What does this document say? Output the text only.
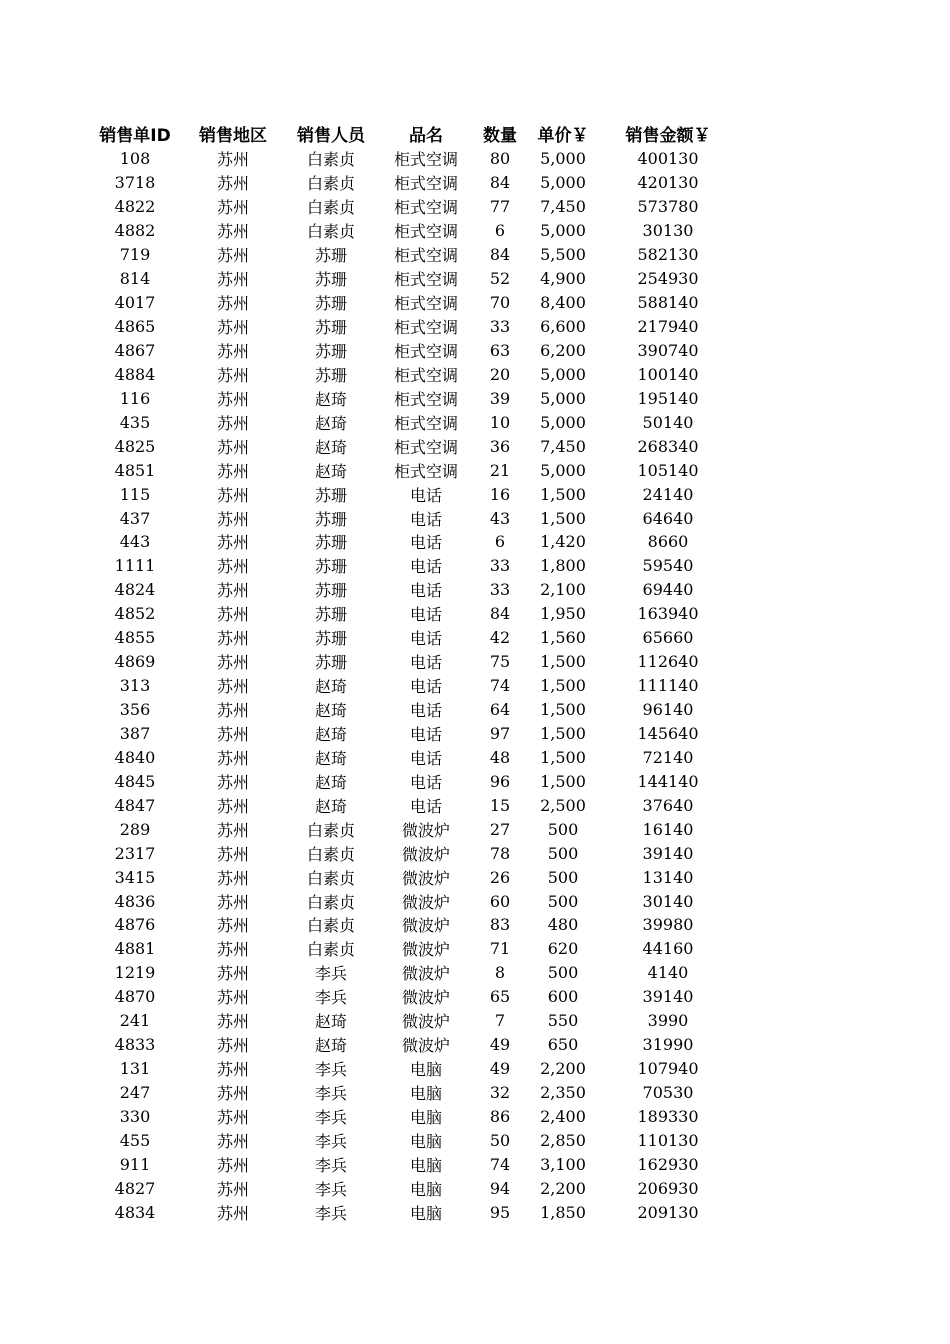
销售单ID	销售地区	销售人员	品名	数量	单价￥	销售金额￥
108	苏州	白素贞	柜式空调	80	5,000	400130
3718	苏州	白素贞	柜式空调	84	5,000	420130
4822	苏州	白素贞	柜式空调	77	7,450	573780
4882	苏州	白素贞	柜式空调	6	5,000	30130
719	苏州	苏珊	柜式空调	84	5,500	582130
814	苏州	苏珊	柜式空调	52	4,900	254930
4017	苏州	苏珊	柜式空调	70	8,400	588140
4865	苏州	苏珊	柜式空调	33	6,600	217940
4867	苏州	苏珊	柜式空调	63	6,200	390740
4884	苏州	苏珊	柜式空调	20	5,000	100140
116	苏州	赵琦	柜式空调	39	5,000	195140
435	苏州	赵琦	柜式空调	10	5,000	50140
4825	苏州	赵琦	柜式空调	36	7,450	268340
4851	苏州	赵琦	柜式空调	21	5,000	105140
115	苏州	苏珊	电话	16	1,500	24140
437	苏州	苏珊	电话	43	1,500	64640
443	苏州	苏珊	电话	6	1,420	8660
1111	苏州	苏珊	电话	33	1,800	59540
4824	苏州	苏珊	电话	33	2,100	69440
4852	苏州	苏珊	电话	84	1,950	163940
4855	苏州	苏珊	电话	42	1,560	65660
4869	苏州	苏珊	电话	75	1,500	112640
313	苏州	赵琦	电话	74	1,500	111140
356	苏州	赵琦	电话	64	1,500	96140
387	苏州	赵琦	电话	97	1,500	145640
4840	苏州	赵琦	电话	48	1,500	72140
4845	苏州	赵琦	电话	96	1,500	144140
4847	苏州	赵琦	电话	15	2,500	37640
289	苏州	白素贞	微波炉	27	500	16140
2317	苏州	白素贞	微波炉	78	500	39140
3415	苏州	白素贞	微波炉	26	500	13140
4836	苏州	白素贞	微波炉	60	500	30140
4876	苏州	白素贞	微波炉	83	480	39980
4881	苏州	白素贞	微波炉	71	620	44160
1219	苏州	李兵	微波炉	8	500	4140
4870	苏州	李兵	微波炉	65	600	39140
241	苏州	赵琦	微波炉	7	550	3990
4833	苏州	赵琦	微波炉	49	650	31990
131	苏州	李兵	电脑	49	2,200	107940
247	苏州	李兵	电脑	32	2,350	70530
330	苏州	李兵	电脑	86	2,400	189330
455	苏州	李兵	电脑	50	2,850	110130
911	苏州	李兵	电脑	74	3,100	162930
4827	苏州	李兵	电脑	94	2,200	206930
4834	苏州	李兵	电脑	95	1,850	209130
